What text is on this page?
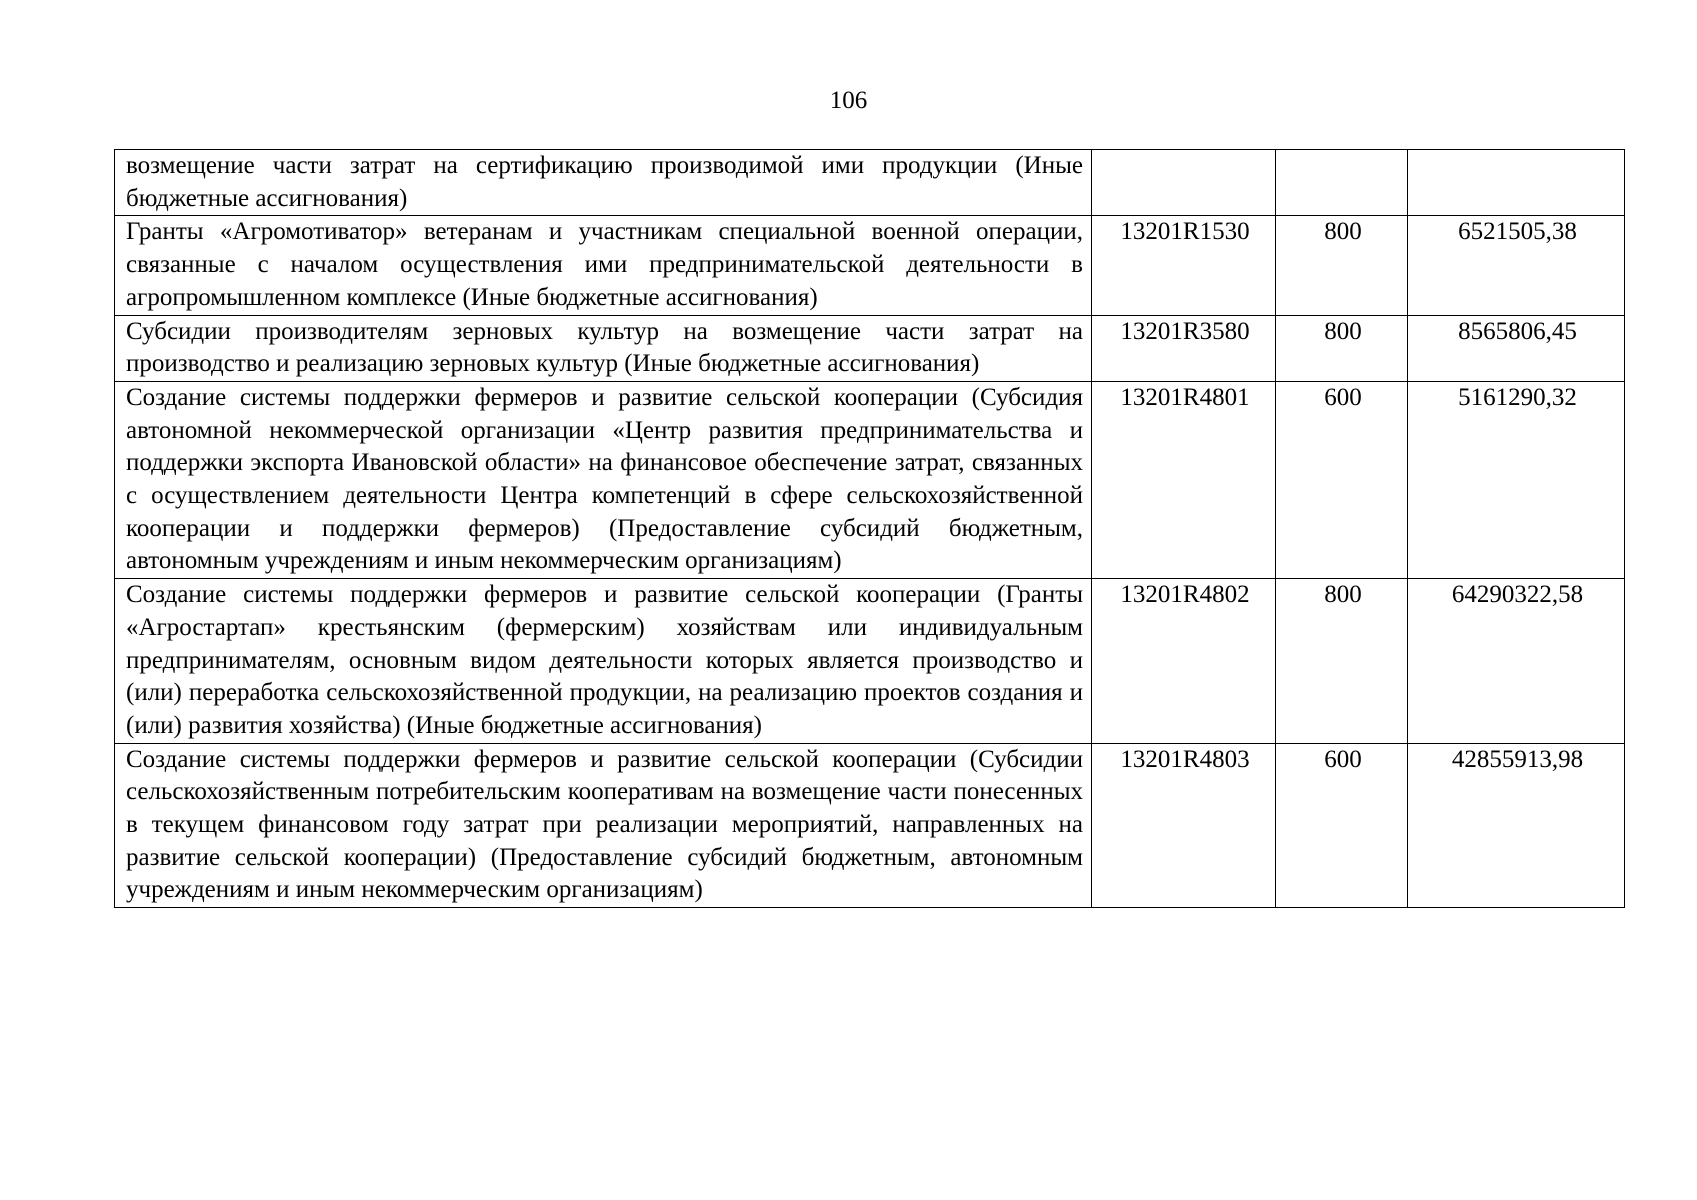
106
возмещение части затрат на сертификацию производимой ими продукции (Иные бюджетные ассигнования)			
Гранты «Агромотиватор» ветеранам и участникам специальной военной операции, связанные с началом осуществления ими предпринимательской деятельности в агропромышленном комплексе (Иные бюджетные ассигнования)	13201R1530	800	6521505,38
Субсидии производителям зерновых культур на возмещение части затрат на производство и реализацию зерновых культур (Иные бюджетные ассигнования)	13201R3580	800	8565806,45
Создание системы поддержки фермеров и развитие сельской кооперации (Субсидия автономной некоммерческой организации «Центр развития предпринимательства и поддержки экспорта Ивановской области» на финансовое обеспечение затрат, связанных с осуществлением деятельности Центра компетенций в сфере сельскохозяйственной кооперации и поддержки фермеров) (Предоставление субсидий бюджетным, автономным учреждениям и иным некоммерческим организациям)	13201R4801	600	5161290,32
Создание системы поддержки фермеров и развитие сельской кооперации (Гранты «Агростартап» крестьянским (фермерским) хозяйствам или индивидуальным предпринимателям, основным видом деятельности которых является производство и (или) переработка сельскохозяйственной продукции, на реализацию проектов создания и (или) развития хозяйства) (Иные бюджетные ассигнования)	13201R4802	800	64290322,58
Создание системы поддержки фермеров и развитие сельской кооперации (Субсидии сельскохозяйственным потребительским кооперативам на возмещение части понесенных в текущем финансовом году затрат при реализации мероприятий, направленных на развитие сельской кооперации) (Предоставление субсидий бюджетным, автономным учреждениям и иным некоммерческим организациям)	13201R4803	600	42855913,98
